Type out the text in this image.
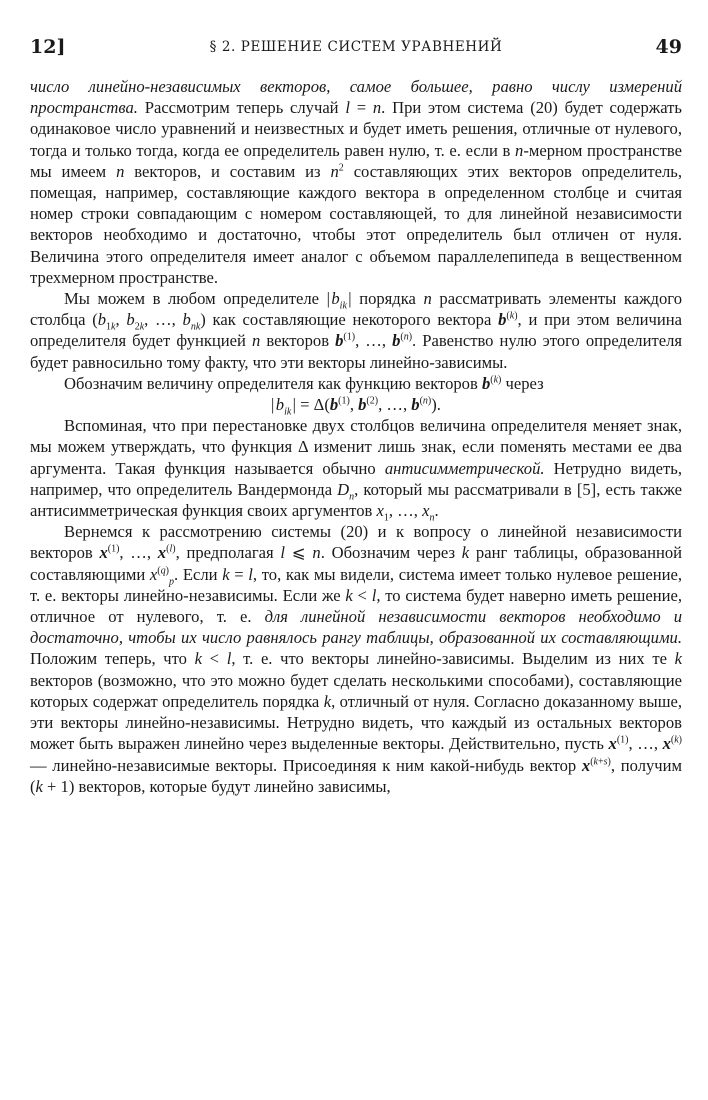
12]	§ 2. РЕШЕНИЕ СИСТЕМ УРАВНЕНИЙ	49

число линейно-независимых векторов, самое большее, равно числу измерений пространства. Рассмотрим теперь случай l = n. При этом система (20) будет содержать одинаковое число уравнений и неизвестных и будет иметь решения, отличные от нулевого, тогда и только тогда, когда ее определитель равен нулю, т. е. если в n-мерном пространстве мы имеем n векторов, и составим из $n^2$ составляющих этих векторов определитель, помещая, например, составляющие каждого вектора в определенном столбце и считая номер строки совпадающим с номером составляющей, то для линейной независимости векторов необходимо и достаточно, чтобы этот определитель был отличен от нуля. Величина этого определителя имеет аналог с объемом параллелепипеда в вещественном трехмерном пространстве.

Мы можем в любом определителе | $b_{ik}$ | порядка n рассматривать элементы каждого столбца ($b_{1k}$, $b_{2k}$, …, $b_{nk}$) как составляющие некоторого вектора $b^{(k)}$, и при этом величина определителя будет функцией n векторов $b^{(1)}$, …, $b^{(n)}$. Равенство нулю этого определителя будет равносильно тому факту, что эти векторы линейно-зависимы.

Обозначим величину определителя как функцию векторов $b^{(k)}$ через

| $b_{ik}$ | = $\Delta(b^{(1)}$, $b^{(2)}$, …, $b^{(n)}$).

Вспоминая, что при перестановке двух столбцов величина определителя меняет знак, мы можем утверждать, что функция Δ изменит лишь знак, если поменять местами ее два аргумента. Такая функция называется обычно антисимметрической. Нетрудно видеть, например, что определитель Вандермонда $D_n$, который мы рассматривали в [5], есть также антисимметрическая функция своих аргументов $x_1$, …, $x_n$.

Вернемся к рассмотрению системы (20) и к вопросу о линейной независимости векторов $x^{(1)}$, …, $x^{(l)}$, предполагая l ⩽ n. Обозначим через k ранг таблицы, образованной составляющими $x^{(q)}_p$. Если k = l, то, как мы видели, система имеет только нулевое решение, т. е. векторы линейно-независимы. Если же k < l, то система будет наверно иметь решение, отличное от нулевого, т. е. для линейной независимости векторов необходимо и достаточно, чтобы их число равнялось рангу таблицы, образованной их составляющими. Положим теперь, что k < l, т. е. что векторы линейно-зависимы. Выделим из них те k векторов (возможно, что это можно будет сделать несколькими способами), составляющие которых содержат определитель порядка k, отличный от нуля. Согласно доказанному выше, эти векторы линейно-независимы. Нетрудно видеть, что каждый из остальных векторов может быть выражен линейно через выделенные векторы. Действительно, пусть $x^{(1)}$, …, $x^{(k)}$ — линейно-независимые векторы. Присоединяя к ним какой-нибудь вектор $x^{(k+s)}$, получим (k + 1) векторов, которые будут линейно зависимы,
